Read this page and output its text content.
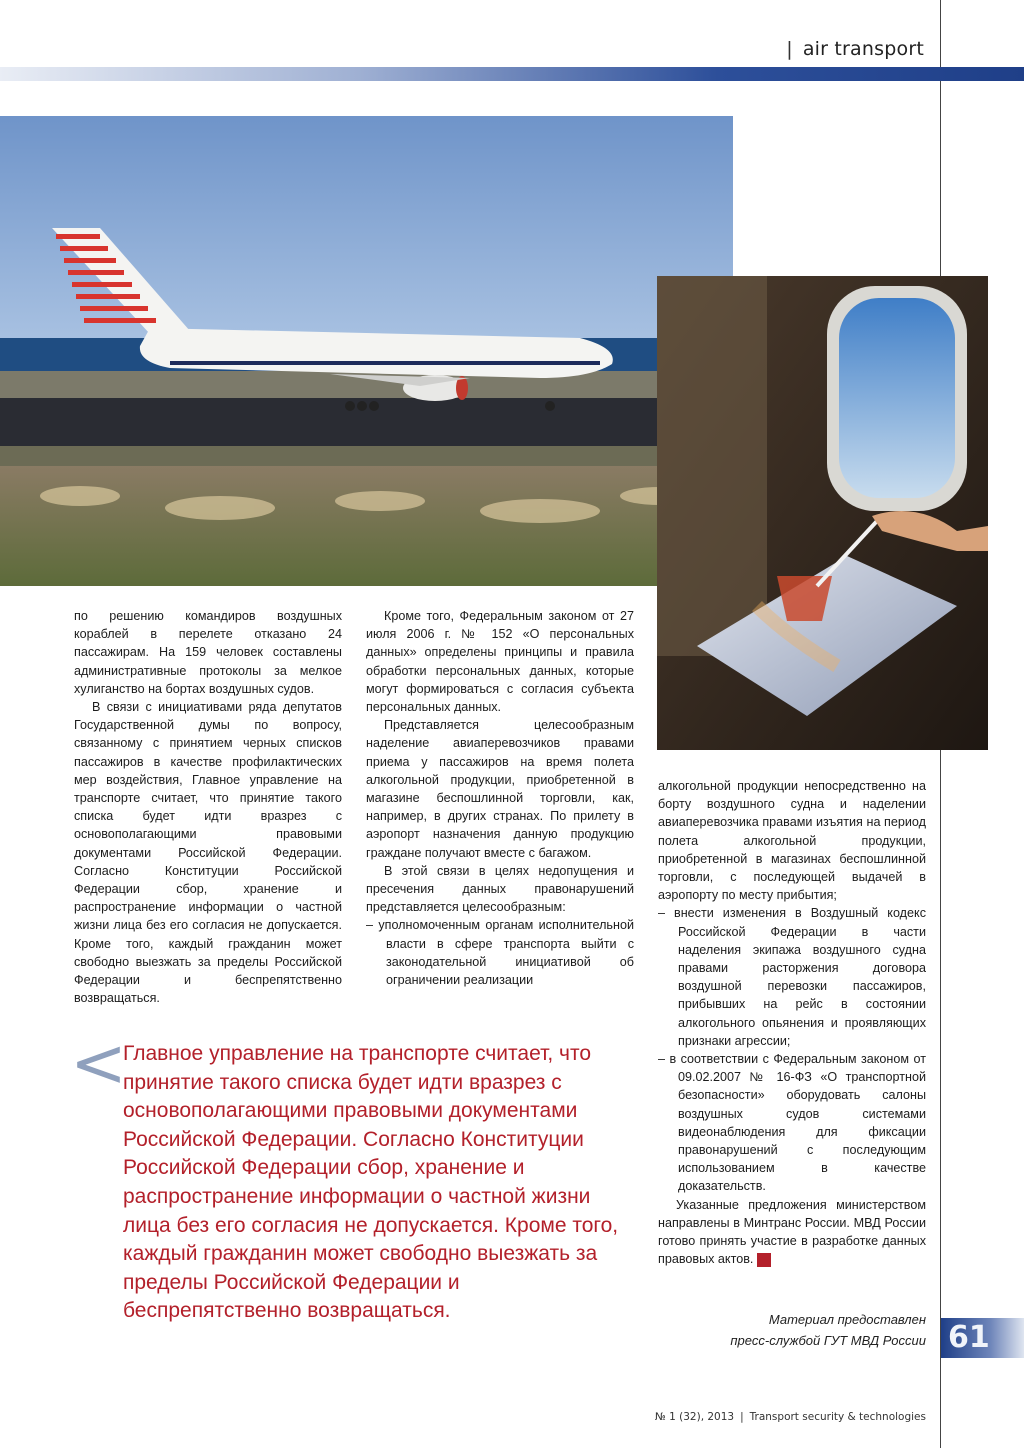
| air transport

по решению командиров воздушных кораблей в перелете отказано 24 пассажирам. На 159 человек составлены административные протоколы за мелкое хулиганство на бортах воздушных судов.

В связи с инициативами ряда депутатов Государственной думы по вопросу, связанному с принятием черных списков пассажиров в качестве профилактических мер воздействия, Главное управление на транспорте считает, что принятие такого списка будет идти вразрез с основополагающими правовыми документами Российской Федерации. Согласно Конституции Российской Федерации сбор, хранение и распространение информации о частной жизни лица без его согласия не допускается. Кроме того, каждый гражданин может свободно выезжать за пределы Российской Федерации и беспрепятственно возвращаться.

Кроме того, Федеральным законом от 27 июля 2006 г. № 152 «О персональных данных» определены принципы и правила обработки персональных данных, которые могут формироваться с согласия субъекта персональных данных.

Представляется целесообразным наделение авиаперевозчиков правами приема у пассажиров на время полета алкогольной продукции, приобретенной в магазине беспошлинной торговли, как, например, в других странах. По прилету в аэропорт назначения данную продукцию граждане получают вместе с багажом.

В этой связи в целях недопущения и пресечения данных правонарушений представляется целесообразным:

– уполномоченным органам исполнительной власти в сфере транспорта выйти с законодательной инициативой об ограничении реализации

алкогольной продукции непосредственно на борту воздушного судна и наделении авиаперевозчика правами изъятия на период полета алкогольной продукции, приобретенной в магазинах беспошлинной торговли, с последующей выдачей в аэропорту по месту прибытия;

– внести изменения в Воздушный кодекс Российской Федерации в части наделения экипажа воздушного судна правами расторжения договора воздушной перевозки пассажиров, прибывших на рейс в состоянии алкогольного опьянения и проявляющих признаки агрессии;

– в соответствии с Федеральным законом от 09.02.2007 № 16-ФЗ «О транспортной безопасности» оборудовать салоны воздушных судов системами видеонаблюдения для фиксации правонарушений с последующим использованием в качестве доказательств.

Указанные предложения министерством направлены в Минтранс России. МВД России готово принять участие в разработке данных правовых актов.	ТБ

<
Главное управление на транспорте считает, что принятие такого списка будет идти вразрез с основополагающими правовыми документами Российской Федерации. Согласно Конституции Российской Федерации сбор, хранение и распространение информации о частной жизни лица без его согласия не допускается. Кроме того, каждый гражданин может свободно выезжать за пределы Российской Федерации и беспрепятственно возвращаться.	Материал предоставлен
пресс-службой ГУТ МВД России 61
№ 1 (32), 2013 | Transport security & technologies
